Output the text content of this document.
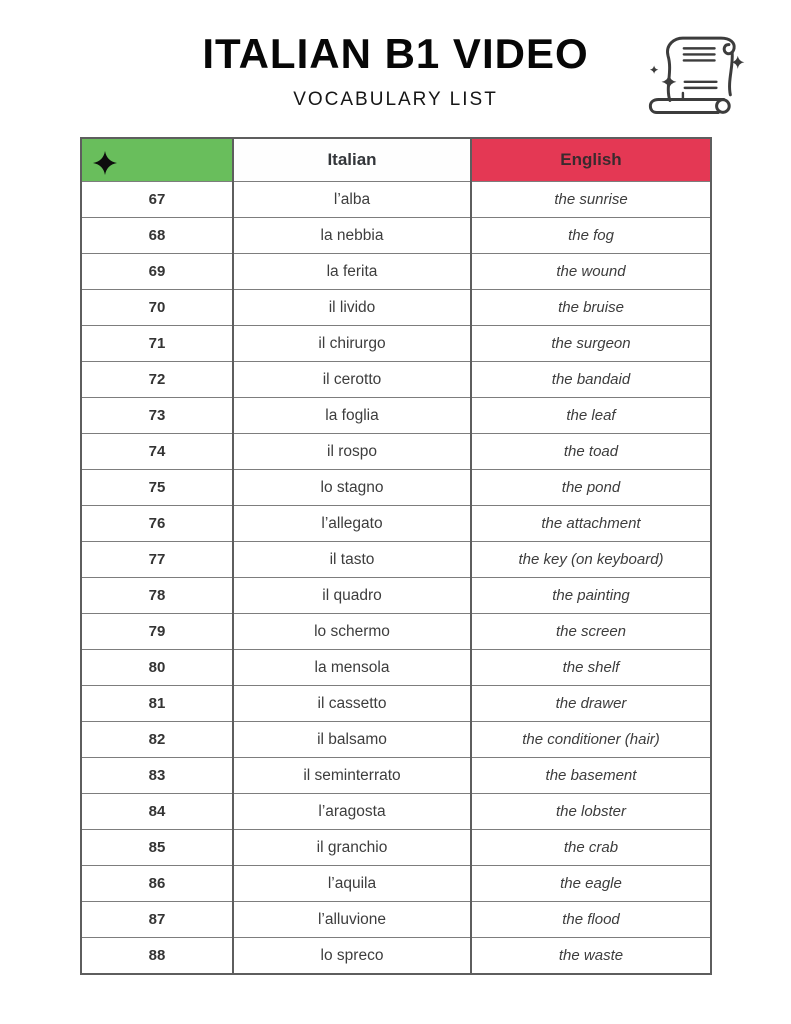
ITALIAN B1 VIDEO
VOCABULARY LIST
	Italian	English
67	l’alba	the sunrise
68	la nebbia	the fog
69	la ferita	the wound
70	il livido	the bruise
71	il chirurgo	the surgeon
72	il cerotto	the bandaid
73	la foglia	the leaf
74	il rospo	the toad
75	lo stagno	the pond
76	l’allegato	the attachment
77	il tasto	the key (on keyboard)
78	il quadro	the painting
79	lo schermo	the screen
80	la mensola	the shelf
81	il cassetto	the drawer
82	il balsamo	the conditioner (hair)
83	il seminterrato	the basement
84	l’aragosta	the lobster
85	il granchio	the crab
86	l’aquila	the eagle
87	l’alluvione	the flood
88	lo spreco	the waste
